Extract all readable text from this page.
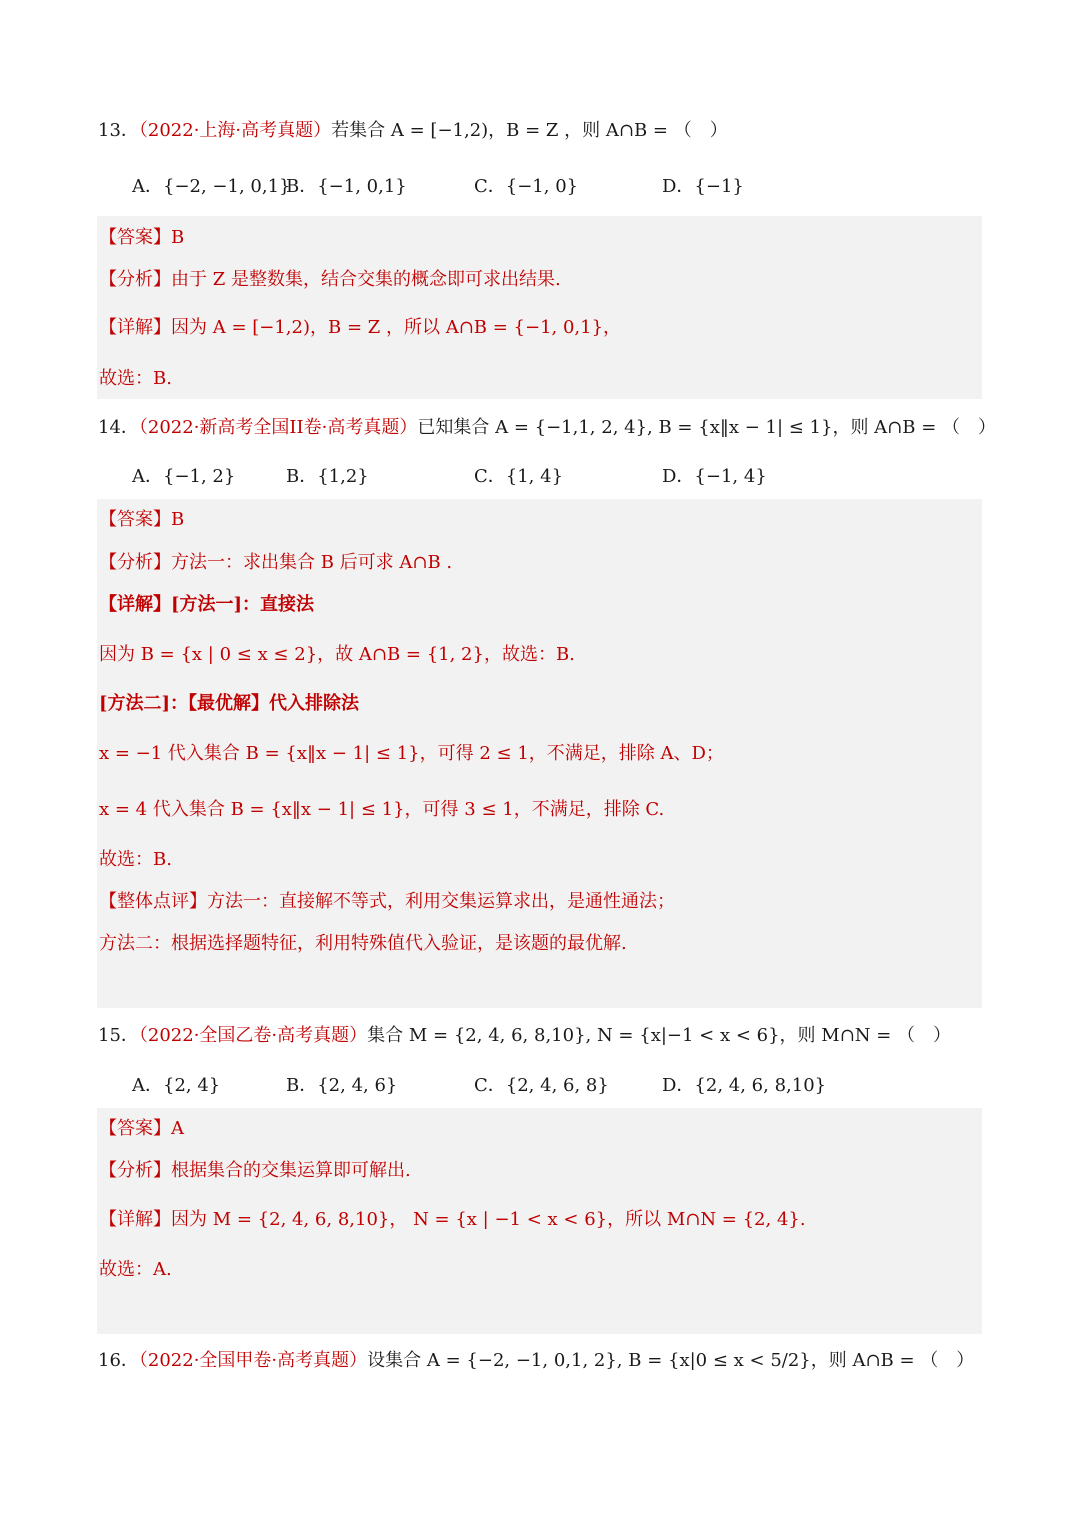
13．（2022·上海·高考真题）若集合 A = [−1,2)，B = Z ，则 A∩B = （　）
A．{−2, −1, 0,1}
B．{−1, 0,1}	C．{−1, 0}	D．{−1}
【答案】B
【分析】由于 Z 是整数集，结合交集的概念即可求出结果.
【详解】因为 A = [−1,2)，B = Z ，所以 A∩B = {−1, 0,1}，
故选：B.
14．（2022·新高考全国II卷·高考真题）已知集合 A = {−1,1, 2, 4}, B = {x‖x − 1| ≤ 1}，则 A∩B = （　）
A．{−1, 2}	B．{1,2}	C．{1, 4}	D．{−1, 4}
【答案】B
【分析】方法一：求出集合 B 后可求 A∩B .
【详解】[方法一]：直接法
因为 B = {x | 0 ≤ x ≤ 2}，故 A∩B = {1, 2}，故选：B.
[方法二]：【最优解】代入排除法
x = −1 代入集合 B = {x‖x − 1| ≤ 1}，可得 2 ≤ 1，不满足，排除 A、D；
x = 4 代入集合 B = {x‖x − 1| ≤ 1}，可得 3 ≤ 1，不满足，排除 C.
故选：B.
【整体点评】方法一：直接解不等式，利用交集运算求出，是通性通法；
方法二：根据选择题特征，利用特殊值代入验证，是该题的最优解.
15．（2022·全国乙卷·高考真题）集合 M = {2, 4, 6, 8,10}, N = {x|−1 < x < 6}，则 M∩N = （　）
A．{2, 4}	B．{2, 4, 6}	C．{2, 4, 6, 8}	D．{2, 4, 6, 8,10}
【答案】A
【分析】根据集合的交集运算即可解出.
【详解】因为 M = {2, 4, 6, 8,10}， N = {x | −1 < x < 6}，所以 M∩N = {2, 4}.
故选：A.
16．（2022·全国甲卷·高考真题）设集合 A = {−2, −1, 0,1, 2}, B = {x|0 ≤ x < 5/2}，则 A∩B = （　）
